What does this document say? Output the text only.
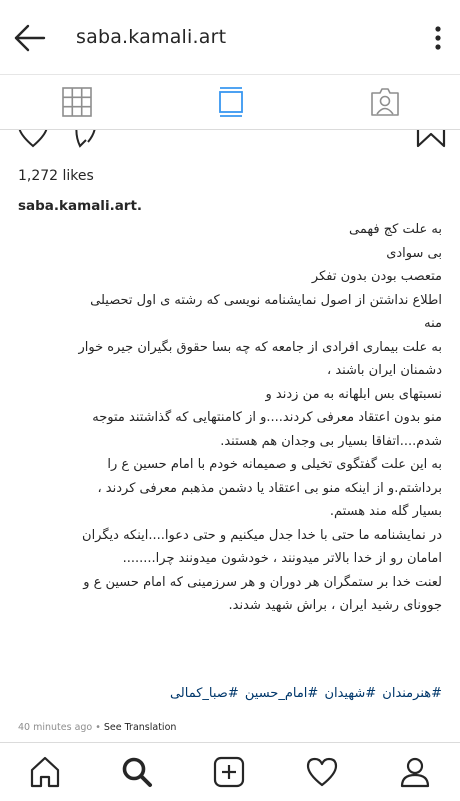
saba.kamali.art
1,272 likes
saba.kamali.art.
به علت کج فهمی
بی سوادی
متعصب بودن بدون تفکر
اطلاع نداشتن از اصول نمایشنامه نویسی که رشته ی اول تحصیلی
منه
به علت بیماری افرادی از جامعه که چه بسا حقوق بگیران جیره خوار
دشمنان ایران باشند ،
نسبتهای بس ابلهانه به من زدند و
منو بدون اعتقاد معرفی کردند....و از کامنتهایی که گذاشتند متوجه
شدم....اتفاقا بسیار بی وجدان هم هستند.
به این علت گفتگوی تخیلی و صمیمانه خودم با امام حسین ع را
برداشتم.و از اینکه منو بی اعتقاد یا دشمن مذهبم معرفی کردند ،
بسیار گله مند هستم.
در نمایشنامه ما حتی با خدا جدل میکنیم و حتی دعوا....اینکه دیگران
امامان رو از خدا بالاتر میدونند ، خودشون میدونند چرا........
لعنت خدا بر ستمگران هر دوران و هر سرزمینی که امام حسین ع و
جوونای رشید ایران ، براش شهید شدند.
#هنرمندان #شهیدان #امام_حسین #صبا_کمالی
40 minutes ago • See Translation
